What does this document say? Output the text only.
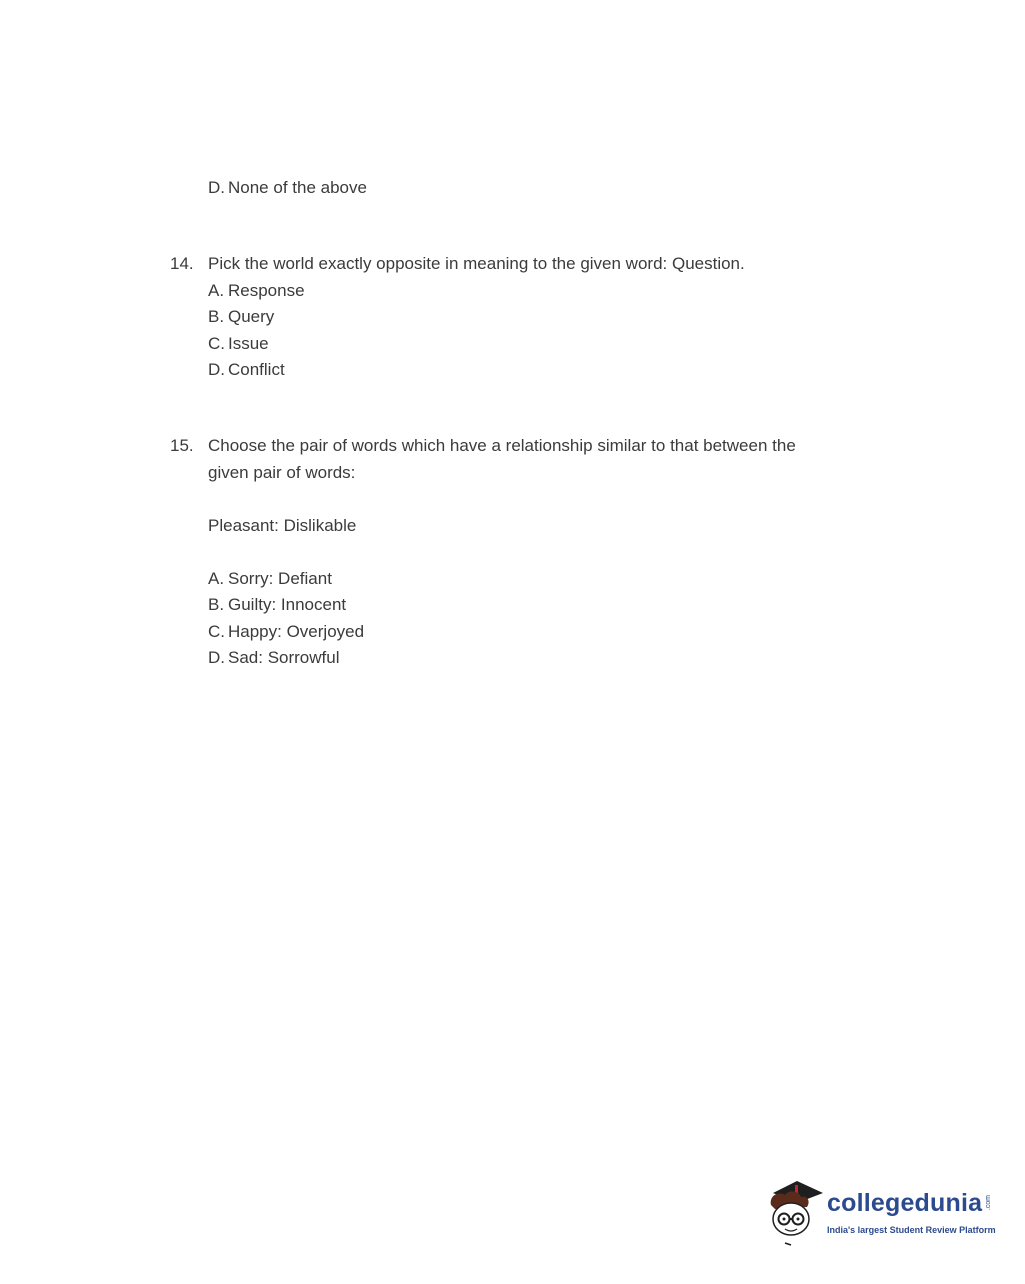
D. None of the above
14. Pick the world exactly opposite in meaning to the given word: Question.
A. Response
B. Query
C. Issue
D. Conflict
15. Choose the pair of words which have a relationship similar to that between the
given pair of words:
Pleasant: Dislikable
A. Sorry: Defiant
B. Guilty: Innocent
C. Happy: Overjoyed
D. Sad: Sorrowful
collegedunia .com
India's largest Student Review Platform
